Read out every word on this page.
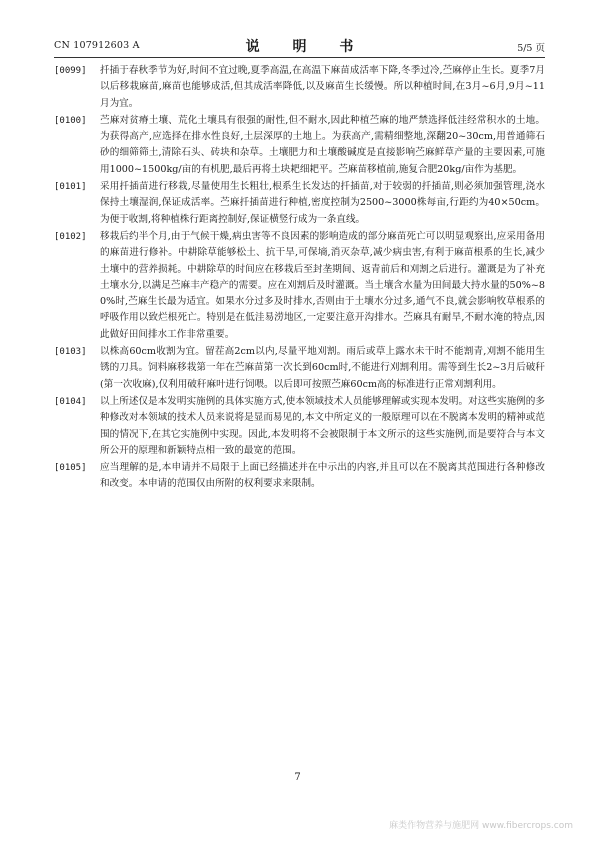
CN 107912603 A	说 明 书	5/5 页
[0099] 扦插于春秋季节为好,时间不宜过晚,夏季高温,在高温下麻苗成活率下降,冬季过冷,苎麻停止生长。夏季7月以后移栽麻苗,麻苗也能够成活,但其成活率降低,以及麻苗生长缓慢。所以种植时间,在3月~6月,9月~11月为宜。
[0100] 苎麻对贫瘠土壤、荒化土壤具有很强的耐性,但不耐水,因此种植苎麻的地严禁选择低洼经常积水的土地。为获得高产,应选择在排水性良好,土层深厚的土地上。为获高产,需精细整地,深翻20~30cm,用普通筛石砂的细筛筛土,清除石头、砖块和杂草。土壤肥力和土壤酸碱度是直接影响苎麻鲜草产量的主要因素,可施用1000~1500kg/亩的有机肥,最后再将土块耙细耙平。苎麻苗移植前,施复合肥20kg/亩作为基肥。
[0101] 采用扦插苗进行移栽,尽量使用生长粗壮,根系生长发达的扦插苗,对于较弱的扦插苗,则必须加强管理,浇水保持土壤湿润,保证成活率。苎麻扦插苗进行种植,密度控制为2500~3000株每亩,行距约为40×50cm。为便于收割,将种植株行距离控制好,保证横竖行成为一条直线。
[0102] 移栽后约半个月,由于气候干燥,病虫害等不良因素的影响造成的部分麻苗死亡可以明显观察出,应采用备用的麻苗进行修补。中耕除草能够松土、抗干旱,可保墒,消灭杂草,减少病虫害,有利于麻苗根系的生长,减少土壤中的营养损耗。中耕除草的时间应在移栽后至封垄期间、返青前后和刈割之后进行。灌溉是为了补充土壤水分,以满足苎麻丰产稳产的需要。应在刈割后及时灌溉。当土壤含水量为田间最大持水量的50%~80%时,苎麻生长最为适宜。如果水分过多及时排水,否则由于土壤水分过多,通气不良,就会影响牧草根系的呼吸作用以致烂根死亡。特别是在低洼易涝地区,一定要注意开沟排水。苎麻具有耐旱,不耐水淹的特点,因此做好田间排水工作非常重要。
[0103] 以株高60cm收割为宜。留茬高2cm以内,尽量平地刈割。雨后或草上露水未干时不能割青,刈割不能用生锈的刀具。饲料麻移栽第一年在苎麻苗第一次长到60cm时,不能进行刈割利用。需等到生长2~3月后破秆(第一次收麻),仅利用破秆麻叶进行饲喂。以后即可按照苎麻60cm高的标准进行正常刈割利用。
[0104] 以上所述仅是本发明实施例的具体实施方式,使本领域技术人员能够理解或实现本发明。对这些实施例的多种修改对本领域的技术人员来说将是显而易见的,本文中所定义的一般原理可以在不脱离本发明的精神或范围的情况下,在其它实施例中实现。因此,本发明将不会被限制于本文所示的这些实施例,而是要符合与本文所公开的原理和新颖特点相一致的最宽的范围。
[0105] 应当理解的是,本申请并不局限于上面已经描述并在中示出的内容,并且可以在不脱离其范围进行各种修改和改变。本申请的范围仅由所附的权利要求来限制。
7
麻类作物营养与施肥网 www.fibercrops.com
